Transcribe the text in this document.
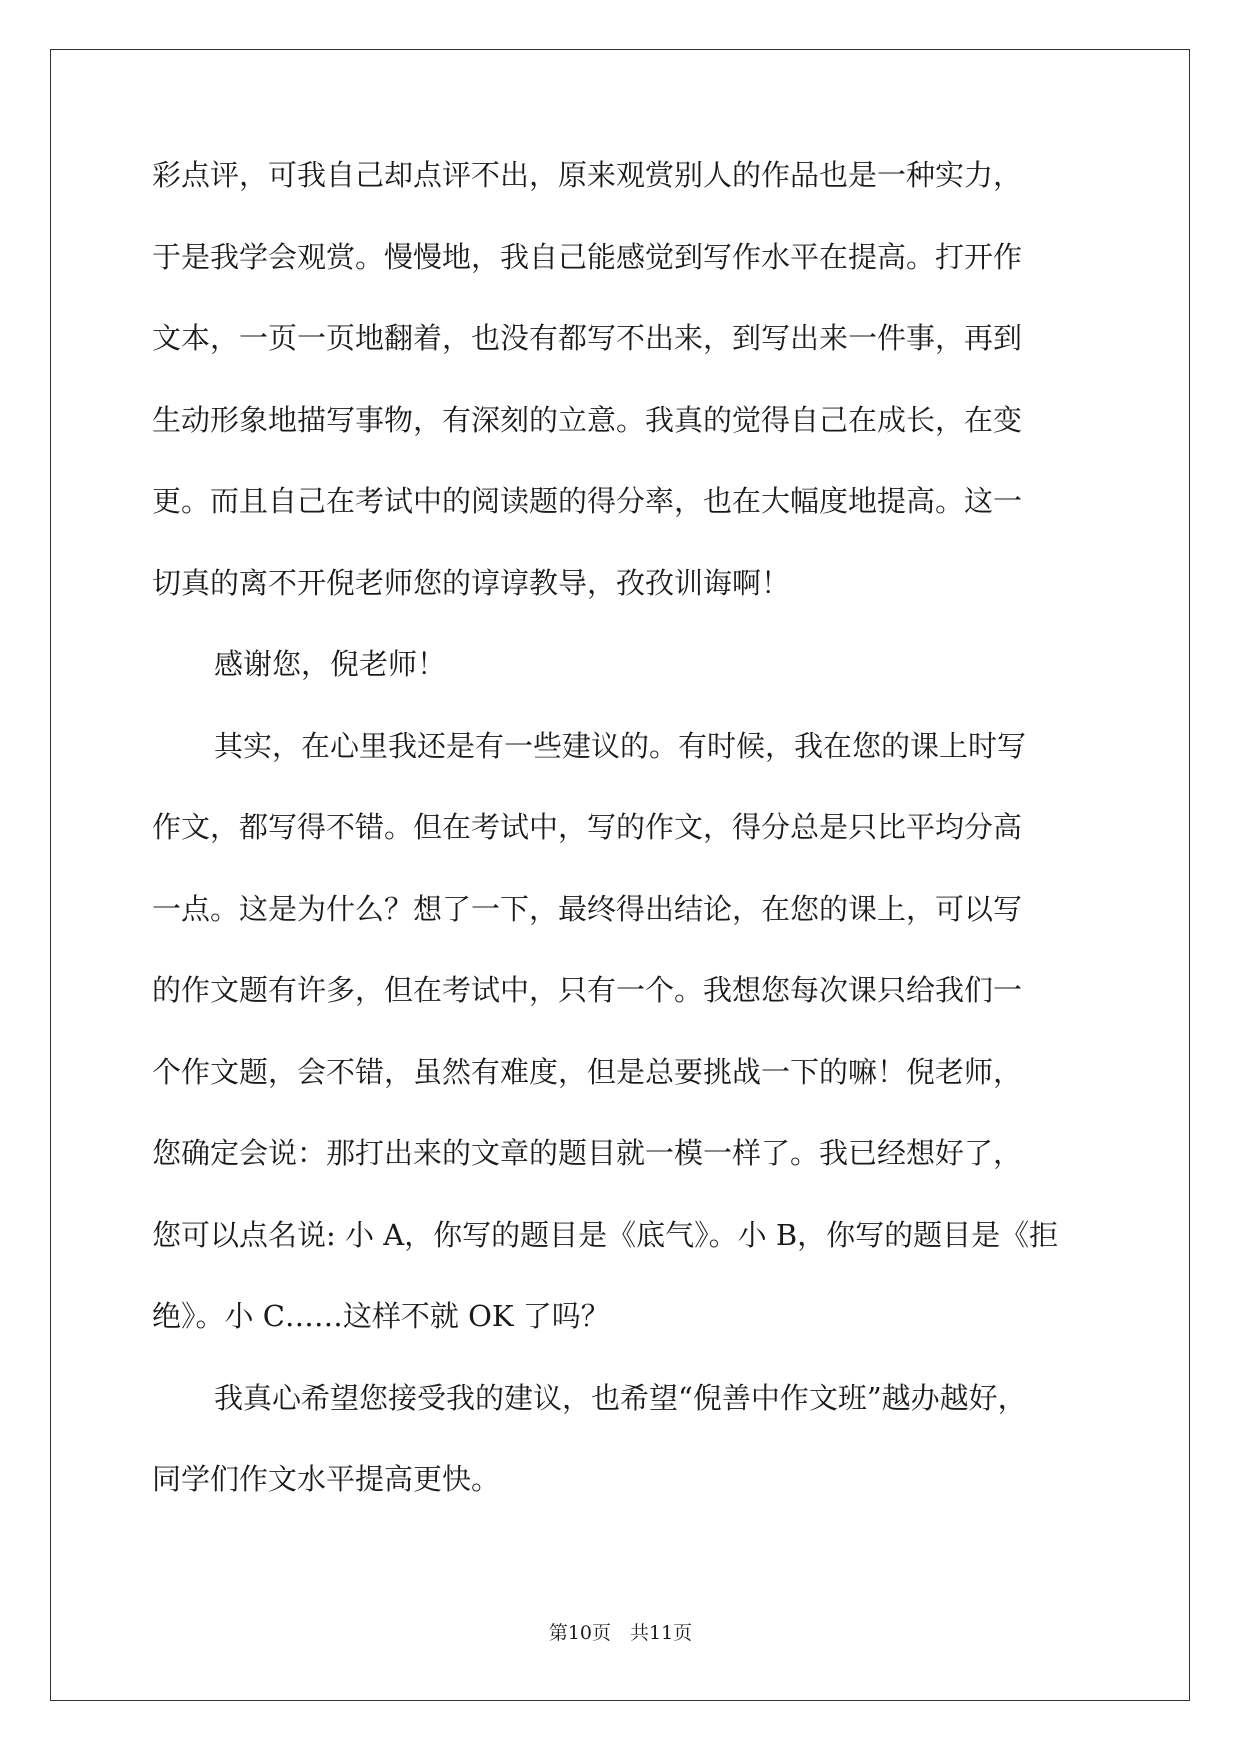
彩点评，可我自己却点评不出，原来观赏别人的作品也是一种实力，
于是我学会观赏。慢慢地，我自己能感觉到写作水平在提高。打开作
文本，一页一页地翻着，也没有都写不出来，到写出来一件事，再到
生动形象地描写事物，有深刻的立意。我真的觉得自己在成长，在变
更。而且自己在考试中的阅读题的得分率，也在大幅度地提高。这一
切真的离不开倪老师您的谆谆教导，孜孜训诲啊！
感谢您，倪老师！
其实，在心里我还是有一些建议的。有时候，我在您的课上时写
作文，都写得不错。但在考试中，写的作文，得分总是只比平均分高
一点。这是为什么？想了一下，最终得出结论，在您的课上，可以写
的作文题有许多，但在考试中，只有一个。我想您每次课只给我们一
个作文题，会不错，虽然有难度，但是总要挑战一下的嘛！倪老师，
您确定会说：那打出来的文章的题目就一模一样了。我已经想好了，
您可以点名说: 小 A，你写的题目是《底气》。小 B，你写的题目是《拒
绝》。小 C……这样不就 OK 了吗？
我真心希望您接受我的建议，也希望“倪善中作文班”越办越好，
同学们作文水平提高更快。
第10页　共11页
